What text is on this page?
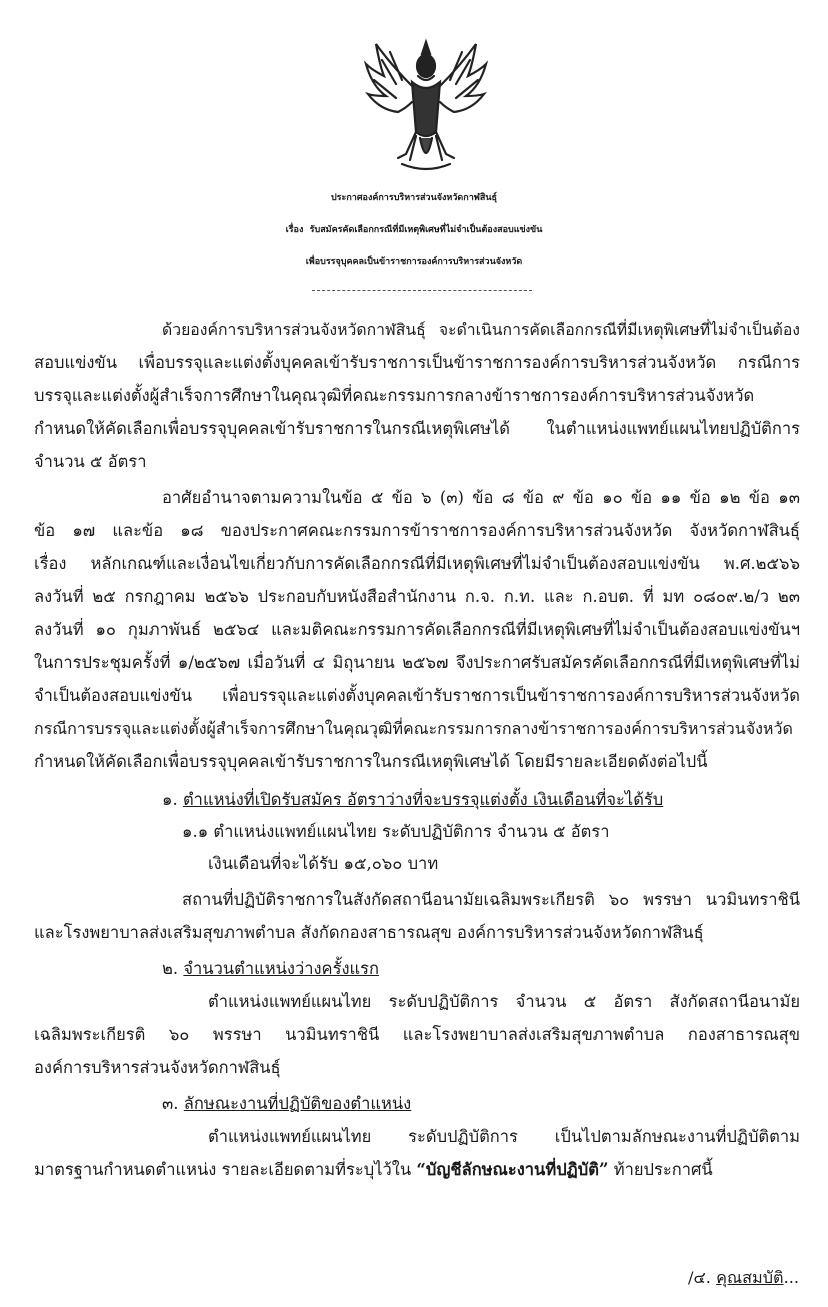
ประกาศองค์การบริหารส่วนจังหวัดกาฬสินธุ์
เรื่อง รับสมัครคัดเลือกกรณีที่มีเหตุพิเศษที่ไม่จำเป็นต้องสอบแข่งขัน
เพื่อบรรจุบุคคลเป็นข้าราชการองค์การบริหารส่วนจังหวัด
ด้วยองค์การบริหารส่วนจังหวัดกาฬสินธุ์ จะดำเนินการคัดเลือกกรณีที่มีเหตุพิเศษที่ไม่จำเป็นต้อง
สอบแข่งขัน เพื่อบรรจุและแต่งตั้งบุคคลเข้ารับราชการเป็นข้าราชการองค์การบริหารส่วนจังหวัด กรณีการ
บรรจุและแต่งตั้งผู้สำเร็จการศึกษาในคุณวุฒิที่คณะกรรมการกลางข้าราชการองค์การบริหารส่วนจังหวัด
กำหนดให้คัดเลือกเพื่อบรรจุบุคคลเข้ารับราชการในกรณีเหตุพิเศษได้ ในตำแหน่งแพทย์แผนไทยปฏิบัติการ
จำนวน ๕ อัตรา
อาศัยอำนาจตามความในข้อ ๕ ข้อ ๖ (๓) ข้อ ๘ ข้อ ๙ ข้อ ๑๐ ข้อ ๑๑ ข้อ ๑๒ ข้อ ๑๓
ข้อ ๑๗ และข้อ ๑๘ ของประกาศคณะกรรมการข้าราชการองค์การบริหารส่วนจังหวัด จังหวัดกาฬสินธุ์
เรื่อง หลักเกณฑ์และเงื่อนไขเกี่ยวกับการคัดเลือกกรณีที่มีเหตุพิเศษที่ไม่จำเป็นต้องสอบแข่งขัน พ.ศ.๒๕๖๖
ลงวันที่ ๒๕ กรกฎาคม ๒๕๖๖ ประกอบกับหนังสือสำนักงาน ก.จ. ก.ท. และ ก.อบต. ที่ มท ๐๘๐๙.๒/ว ๒๓
ลงวันที่ ๑๐ กุมภาพันธ์ ๒๕๖๔ และมติคณะกรรมการคัดเลือกกรณีที่มีเหตุพิเศษที่ไม่จำเป็นต้องสอบแข่งขันฯ
ในการประชุมครั้งที่ ๑/๒๕๖๗ เมื่อวันที่ ๔ มิถุนายน ๒๕๖๗ จึงประกาศรับสมัครคัดเลือกกรณีที่มีเหตุพิเศษที่ไม่
จำเป็นต้องสอบแข่งขัน เพื่อบรรจุและแต่งตั้งบุคคลเข้ารับราชการเป็นข้าราชการองค์การบริหารส่วนจังหวัด
กรณีการบรรจุและแต่งตั้งผู้สำเร็จการศึกษาในคุณวุฒิที่คณะกรรมการกลางข้าราชการองค์การบริหารส่วนจังหวัด
กำหนดให้คัดเลือกเพื่อบรรจุบุคคลเข้ารับราชการในกรณีเหตุพิเศษได้ โดยมีรายละเอียดดังต่อไปนี้
๑. ตำแหน่งที่เปิดรับสมัคร อัตราว่างที่จะบรรจุแต่งตั้ง เงินเดือนที่จะได้รับ
๑.๑ ตำแหน่งแพทย์แผนไทย ระดับปฏิบัติการ จำนวน ๕ อัตรา
เงินเดือนที่จะได้รับ ๑๕,๐๖๐ บาท
สถานที่ปฏิบัติราชการในสังกัดสถานีอนามัยเฉลิมพระเกียรติ ๖๐ พรรษา นวมินทราชินี
และโรงพยาบาลส่งเสริมสุขภาพตำบล สังกัดกองสาธารณสุข องค์การบริหารส่วนจังหวัดกาฬสินธุ์
๒. จำนวนตำแหน่งว่างครั้งแรก
ตำแหน่งแพทย์แผนไทย ระดับปฏิบัติการ จำนวน ๕ อัตรา สังกัดสถานีอนามัย
เฉลิมพระเกียรติ ๖๐ พรรษา นวมินทราชินี และโรงพยาบาลส่งเสริมสุขภาพตำบล กองสาธารณสุข
องค์การบริหารส่วนจังหวัดกาฬสินธุ์
๓. ลักษณะงานที่ปฏิบัติของตำแหน่ง
ตำแหน่งแพทย์แผนไทย ระดับปฏิบัติการ เป็นไปตามลักษณะงานที่ปฏิบัติตาม
มาตรฐานกำหนดตำแหน่ง รายละเอียดตามที่ระบุไว้ใน “บัญชีลักษณะงานที่ปฏิบัติ” ท้ายประกาศนี้
/๔. คุณสมบัติ...
